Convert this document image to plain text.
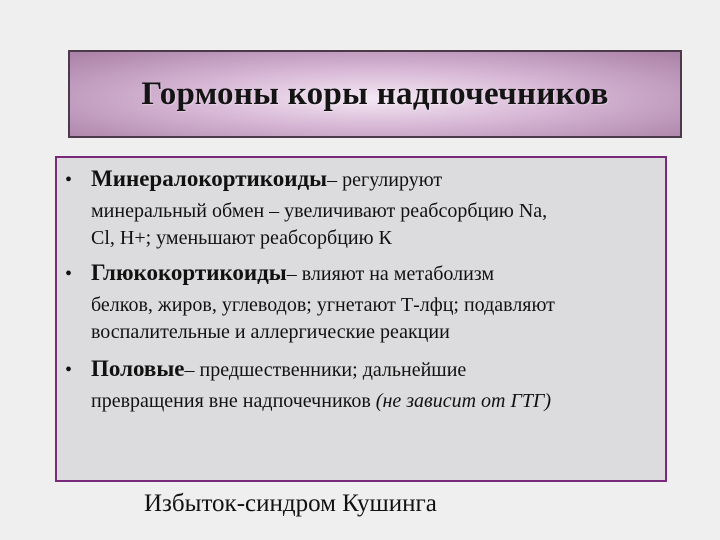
Гормоны коры надпочечников
• Минералокортикоиды – регулируют
минеральный обмен – увеличивают реабсорбцию Na,
Cl, H+; уменьшают реабсорбцию К
• Глюкокортикоиды – влияют на метаболизм
белков, жиров, углеводов; угнетают Т-лфц; подавляют
воспалительные и аллергические реакции
• Половые – предшественники; дальнейшие
превращения вне надпочечников (не зависит от ГТГ)
Избыток-синдром Кушинга
